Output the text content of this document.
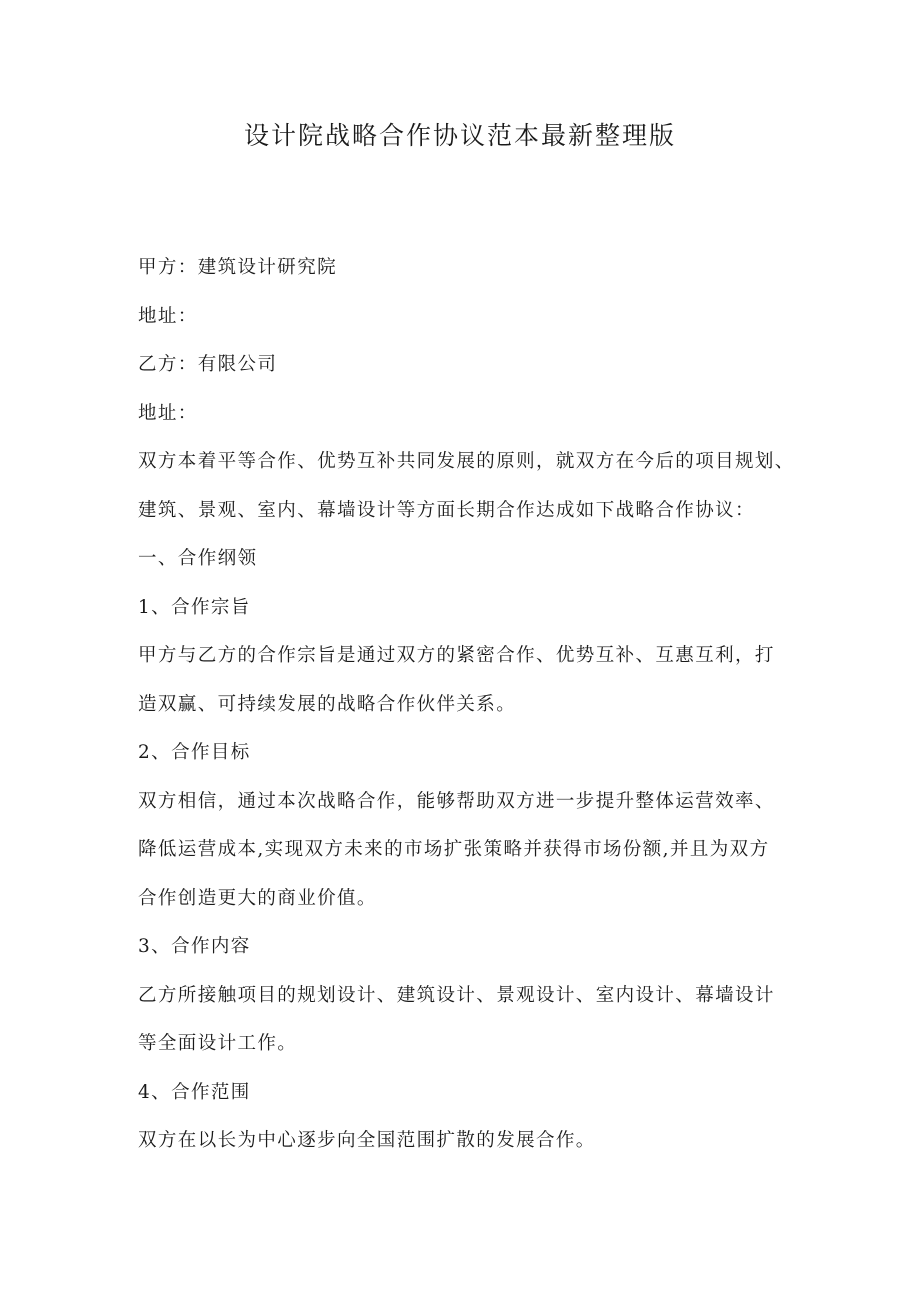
设计院战略合作协议范本最新整理版

甲方：建筑设计研究院

地址：

乙方：有限公司

地址：

双方本着平等合作、优势互补共同发展的原则，就双方在今后的项目规划、

建筑、景观、室内、幕墙设计等方面长期合作达成如下战略合作协议：

一、合作纲领

1、合作宗旨

甲方与乙方的合作宗旨是通过双方的紧密合作、优势互补、互惠互利，打

造双赢、可持续发展的战略合作伙伴关系。

2、合作目标

双方相信，通过本次战略合作，能够帮助双方进一步提升整体运营效率、

降低运营成本,实现双方未来的市场扩张策略并获得市场份额,并且为双方

合作创造更大的商业价值。

3、合作内容

乙方所接触项目的规划设计、建筑设计、景观设计、室内设计、幕墙设计

等全面设计工作。

4、合作范围

双方在以长为中心逐步向全国范围扩散的发展合作。
